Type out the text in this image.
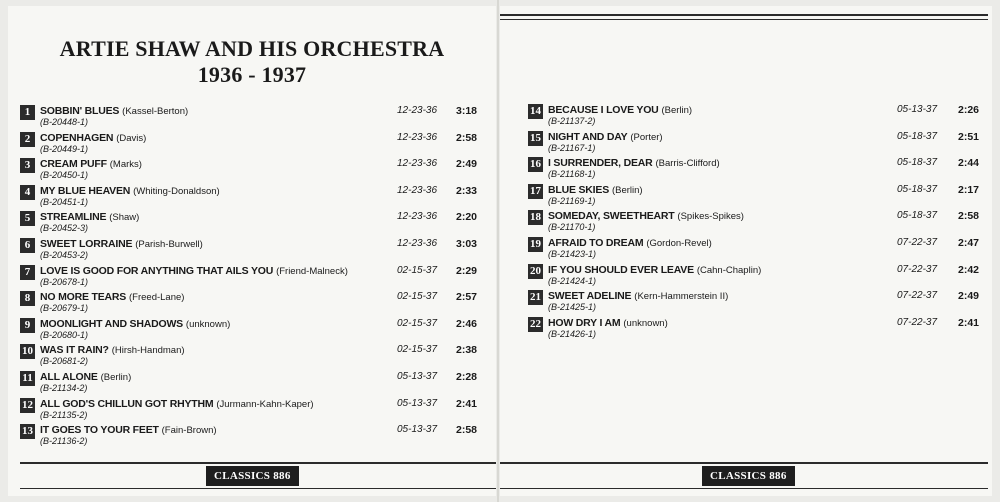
ARTIE SHAW AND HIS ORCHESTRA
1936 - 1937
1 SOBBIN' BLUES (Kassel-Berton)
(B-20448-1)
12-23-36 3:18
2 COPENHAGEN (Davis)
(B-20449-1)
12-23-36 2:58
3 CREAM PUFF (Marks)
(B-20450-1)
12-23-36 2:49
4 MY BLUE HEAVEN (Whiting-Donaldson)
(B-20451-1)
12-23-36 2:33
5 STREAMLINE (Shaw)
(B-20452-3)
12-23-36 2:20
6 SWEET LORRAINE (Parish-Burwell)
(B-20453-2)
12-23-36 3:03
7 LOVE IS GOOD FOR ANYTHING THAT AILS YOU (Friend-Malneck)
(B-20678-1)
02-15-37 2:29
8 NO MORE TEARS (Freed-Lane)
(B-20679-1)
02-15-37 2:57
9 MOONLIGHT AND SHADOWS (unknown)
(B-20680-1)
02-15-37 2:46
10 WAS IT RAIN? (Hirsh-Handman)
(B-20681-2)
02-15-37 2:38
11 ALL ALONE (Berlin)
(B-21134-2)
05-13-37 2:28
12 ALL GOD'S CHILLUN GOT RHYTHM (Jurmann-Kahn-Kaper)
(B-21135-2)
05-13-37 2:41
13 IT GOES TO YOUR FEET (Fain-Brown)
(B-21136-2)
05-13-37 2:58
CLASSICS 886
14 BECAUSE I LOVE YOU (Berlin)
(B-21137-2)
05-13-37 2:26
15 NIGHT AND DAY (Porter)
(B-21167-1)
05-18-37 2:51
16 I SURRENDER, DEAR (Barris-Clifford)
(B-21168-1)
05-18-37 2:44
17 BLUE SKIES (Berlin)
(B-21169-1)
05-18-37 2:17
18 SOMEDAY, SWEETHEART (Spikes-Spikes)
(B-21170-1)
05-18-37 2:58
19 AFRAID TO DREAM (Gordon-Revel)
(B-21423-1)
07-22-37 2:47
20 IF YOU SHOULD EVER LEAVE (Cahn-Chaplin)
(B-21424-1)
07-22-37 2:42
21 SWEET ADELINE (Kern-Hammerstein II)
(B-21425-1)
07-22-37 2:49
22 HOW DRY I AM (unknown)
(B-21426-1)
07-22-37 2:41
CLASSICS 886
